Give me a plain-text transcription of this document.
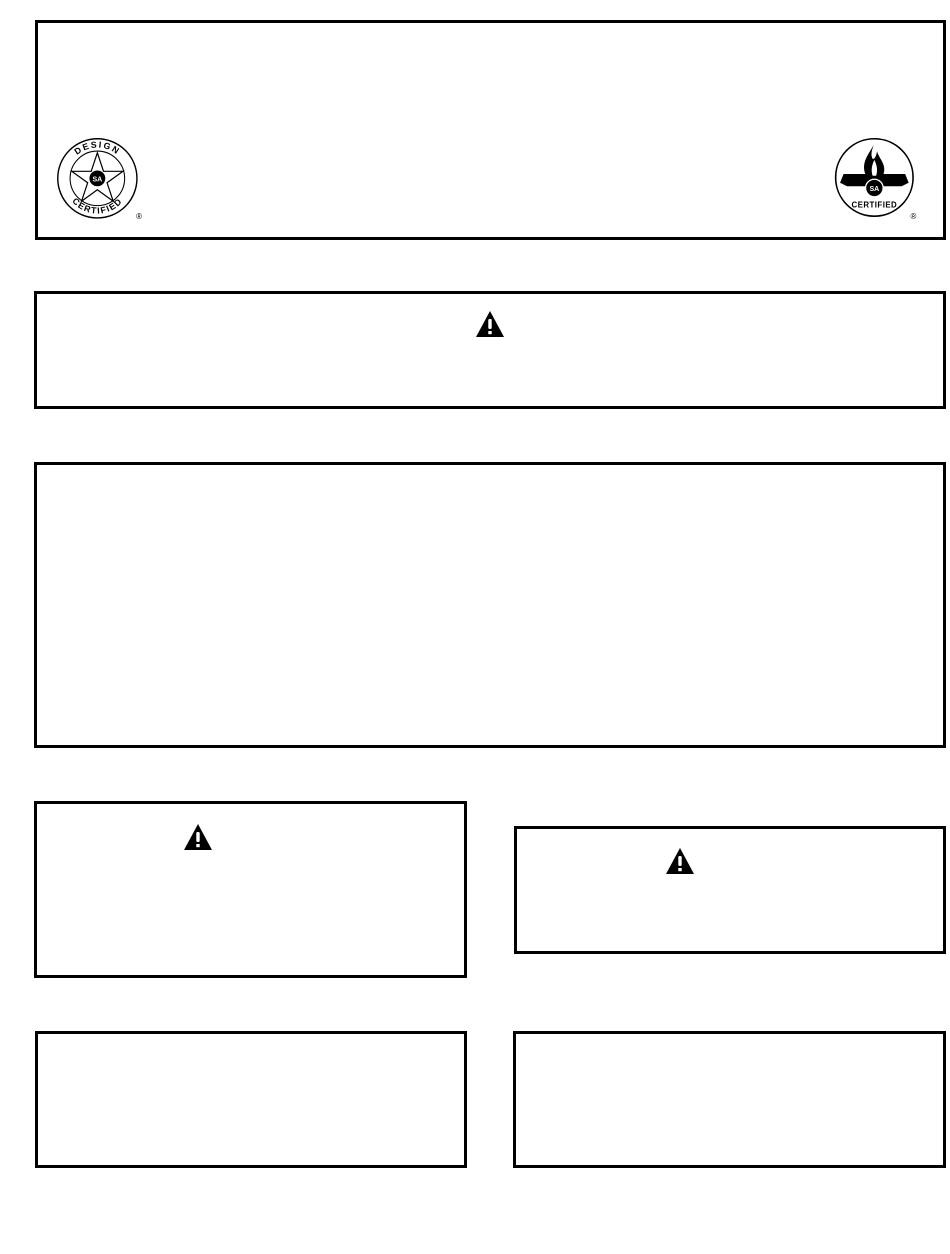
SA
DESIGN
CERTIFIED
®
SA
CERTIFIED
®
